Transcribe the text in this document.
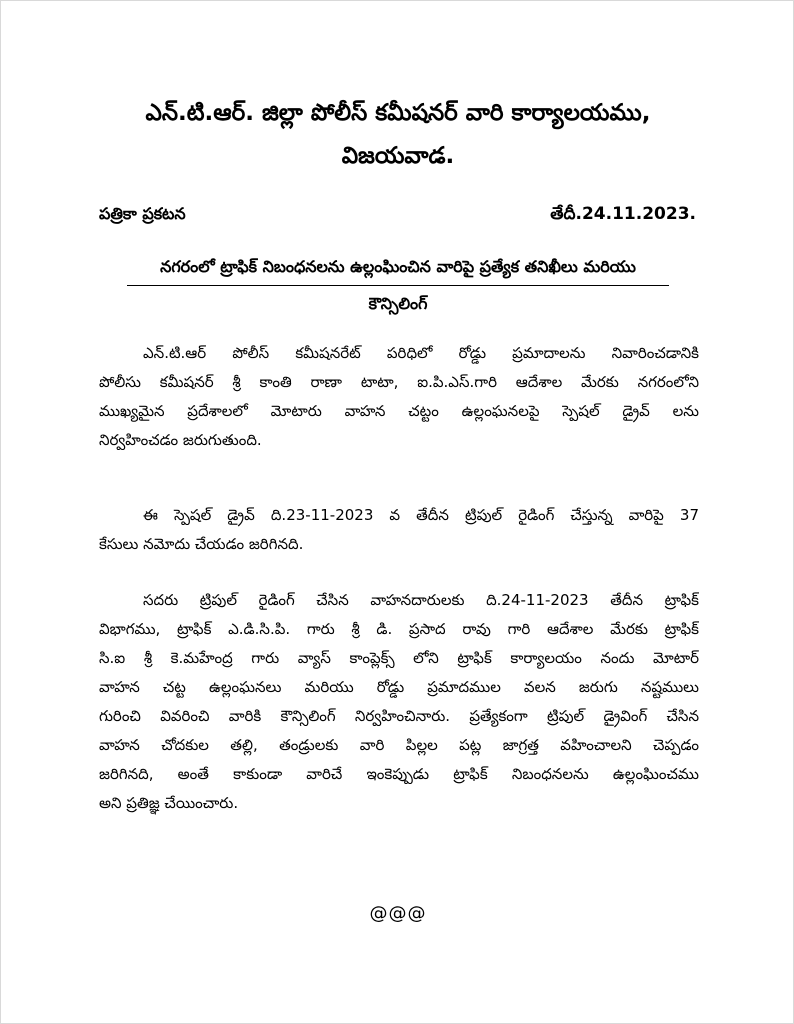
ఎన్.టి.ఆర్. జిల్లా పోలీస్ కమీషనర్ వారి కార్యాలయము,
విజయవాడ.
పత్రికా ప్రకటన	తేదీ.24.11.2023.
నగరంలో ట్రాఫిక్ నిబంధనలను ఉల్లంఘించిన వారిపై ప్రత్యేక తనిఖీలు మరియు
కౌన్సిలింగ్
ఎన్.టి.ఆర్ పోలీస్ కమీషనరేట్ పరిధిలో రోడ్డు ప్రమాదాలను నివారించడానికి
పోలీసు కమీషనర్ శ్రీ కాంతి రాణా టాటా, ఐ.పి.ఎస్.గారి ఆదేశాల మేరకు నగరంలోని
ముఖ్యమైన ప్రదేశాలలో మోటారు వాహన చట్టం ఉల్లంఘనలపై స్పెషల్ డ్రైవ్ లను
నిర్వహించడం జరుగుతుంది.
ఈ స్పెషల్ డ్రైవ్ ది.23-11-2023 వ తేదీన ట్రిపుల్ రైడింగ్ చేస్తున్న వారిపై 37
కేసులు నమోదు చేయడం జరిగినది.
సదరు ట్రిపుల్ రైడింగ్ చేసిన వాహనదారులకు ది.24-11-2023 తేదీన ట్రాఫిక్
విభాగము, ట్రాఫిక్ ఎ.డి.సి.పి. గారు శ్రీ డి. ప్రసాద రావు గారి ఆదేశాల మేరకు ట్రాఫిక్
సి.ఐ శ్రీ కె.మహేంద్ర గారు వ్యాస్ కాంప్లెక్స్ లోని ట్రాఫిక్ కార్యాలయం నందు మోటార్
వాహన చట్ట ఉల్లంఘనలు మరియు రోడ్డు ప్రమాదముల వలన జరుగు నష్టములు
గురించి వివరించి వారికి కౌన్సిలింగ్ నిర్వహించినారు. ప్రత్యేకంగా ట్రిపుల్ డ్రైవింగ్ చేసిన
వాహన చోదకుల తల్లి, తండ్రులకు వారి పిల్లల పట్ల జాగ్రత్త వహించాలని చెప్పడం
జరిగినది, అంతే కాకుండా వారిచే ఇంకెప్పుడు ట్రాఫిక్ నిబంధనలను ఉల్లంఘించము
అని ప్రతిజ్ఞ చేయించారు.
@@@
